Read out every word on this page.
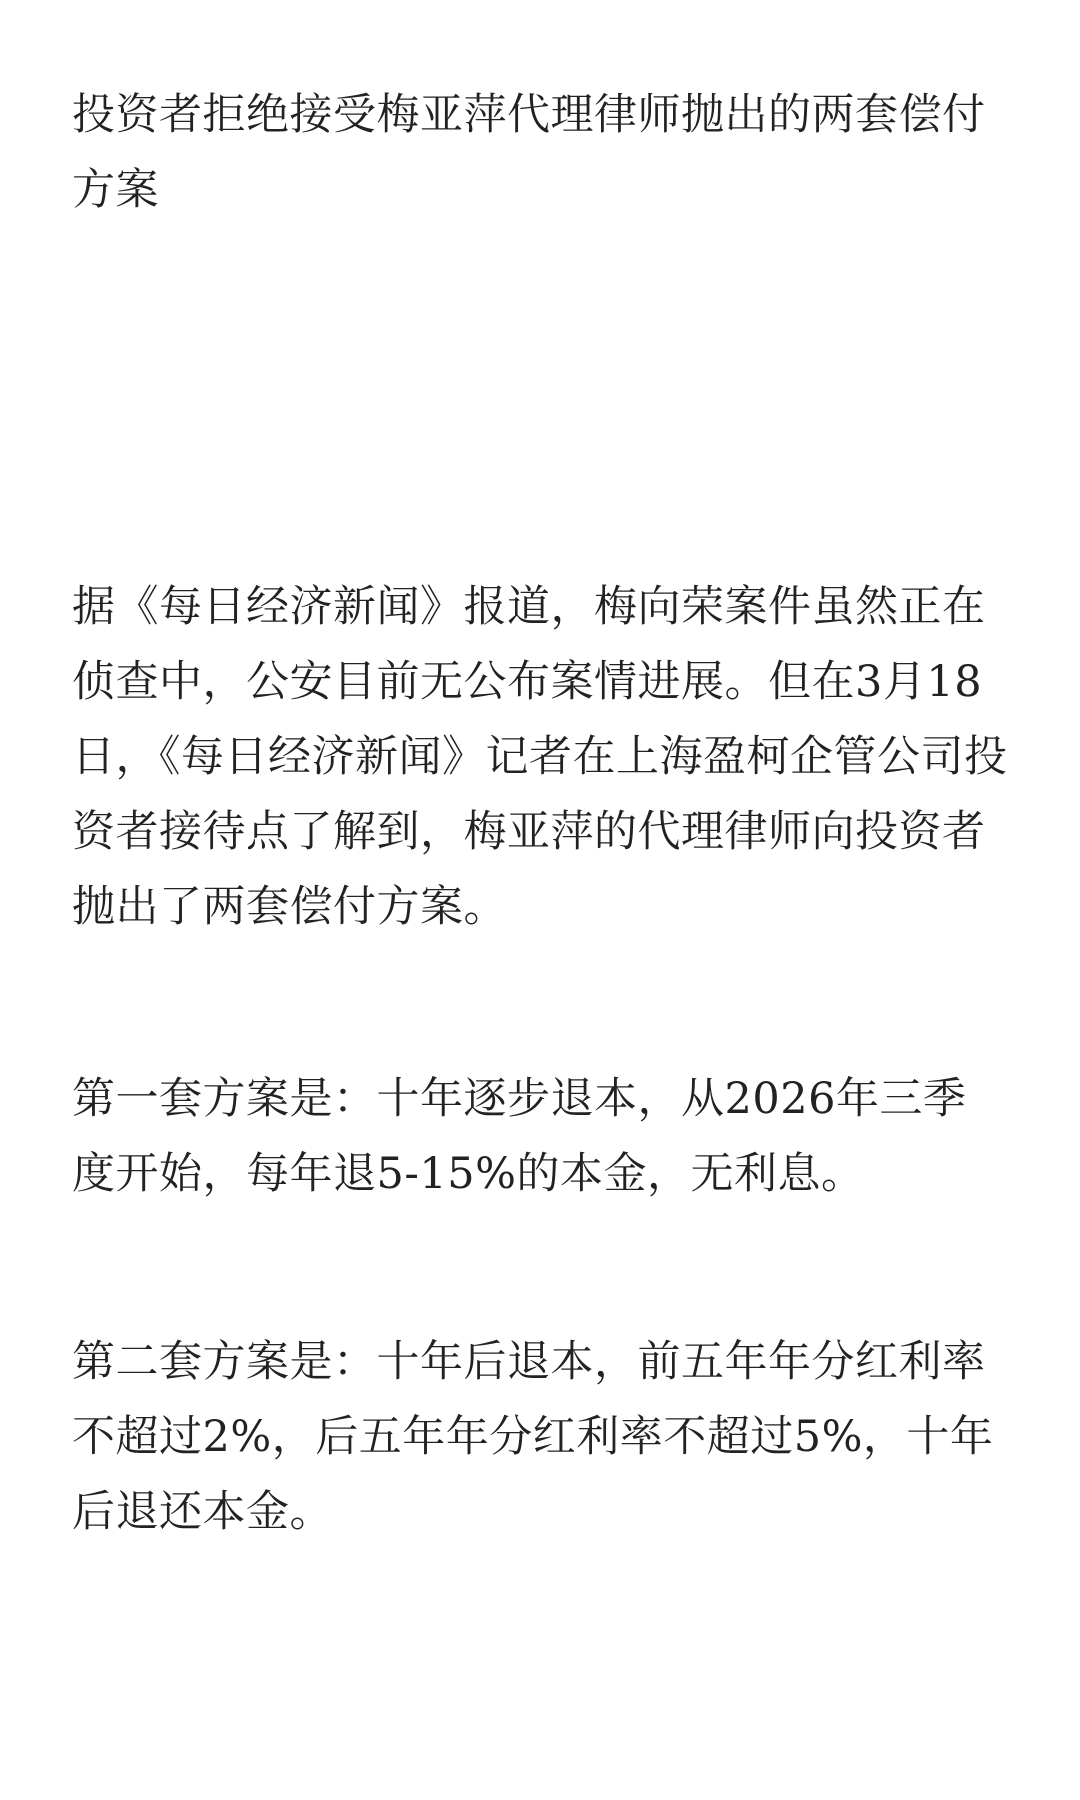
投资者拒绝接受梅亚萍代理律师抛出的两套偿付方案

据《每日经济新闻》报道，梅向荣案件虽然正在侦查中，公安目前无公布案情进展。但在3月18日，《每日经济新闻》记者在上海盈柯企管公司投资者接待点了解到，梅亚萍的代理律师向投资者抛出了两套偿付方案。

第一套方案是：十年逐步退本，从2026年三季度开始，每年退5-15%的本金，无利息。

第二套方案是：十年后退本，前五年年分红利率不超过2%，后五年年分红利率不超过5%，十年后退还本金。
